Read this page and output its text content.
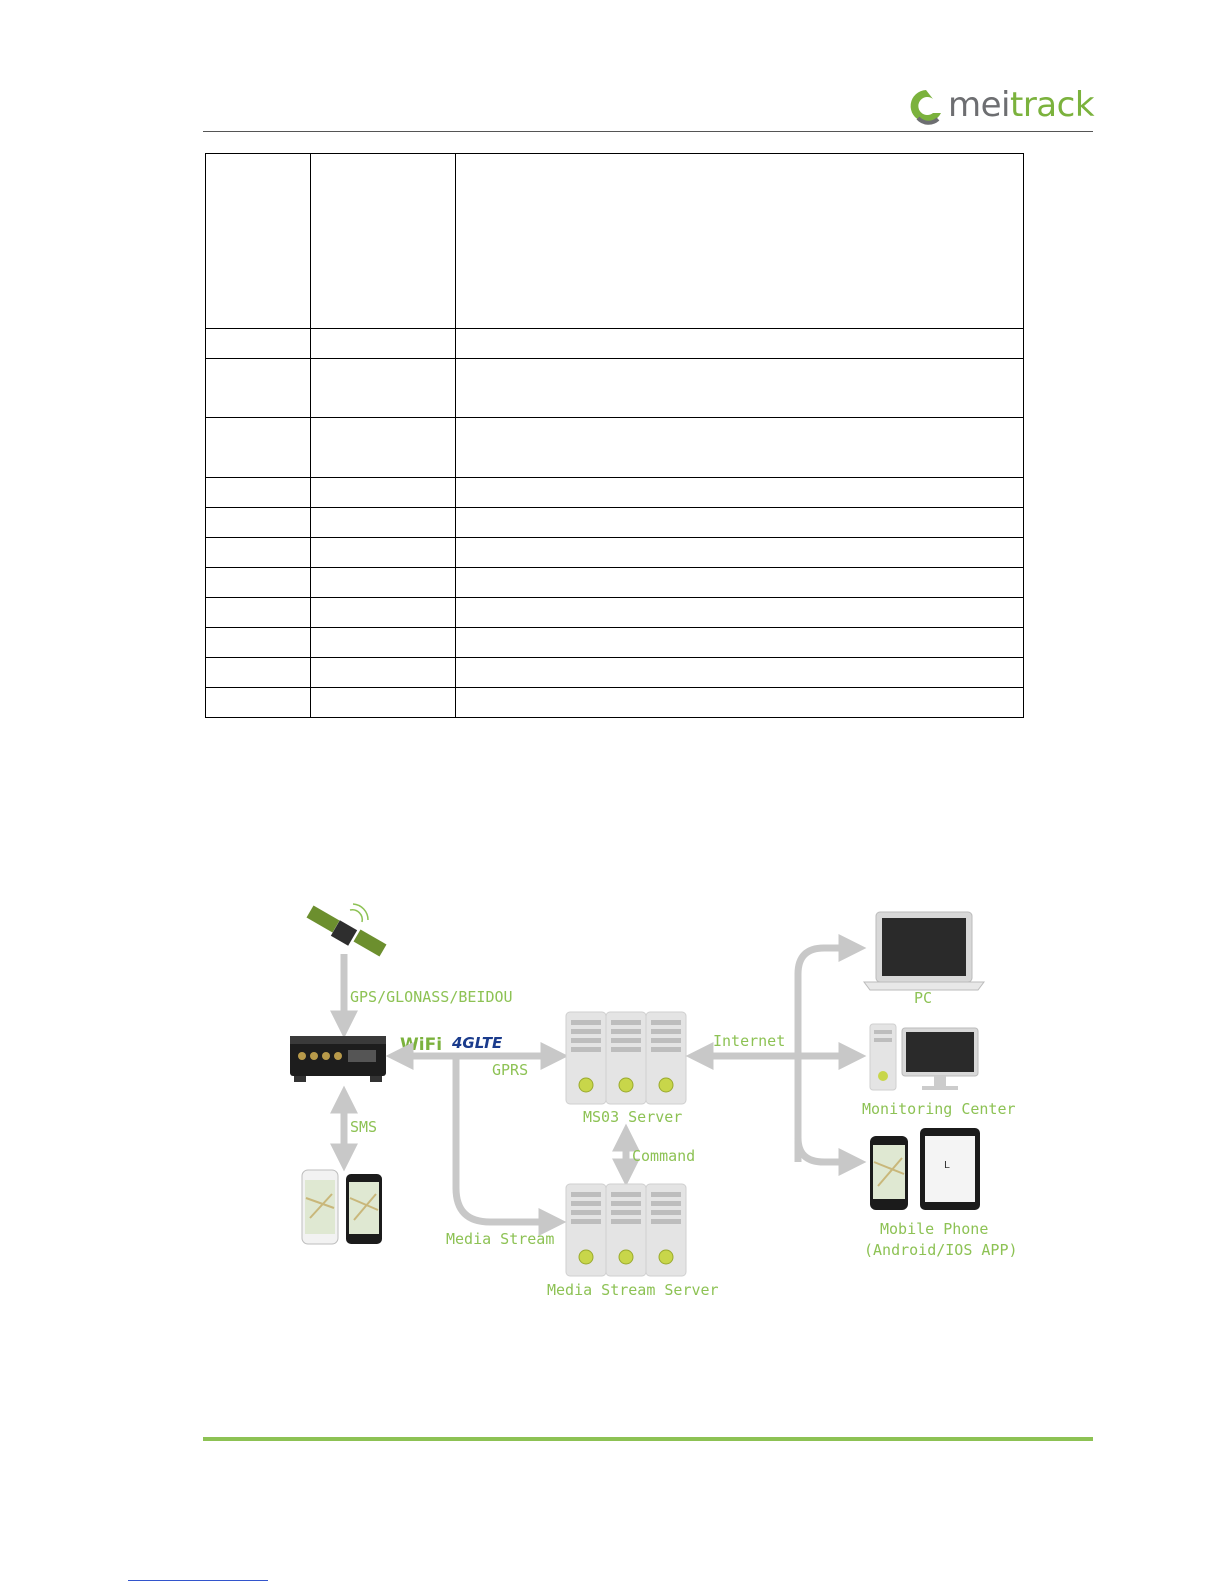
meitrack

GPS/GLONASS/BEIDOU
WiFi 4GLTE
GPRS
SMS
Media Stream
MS03 Server
Command
Media Stream Server
Internet
PC
Monitoring Center
L
Mobile Phone
(Android/IOS APP)
